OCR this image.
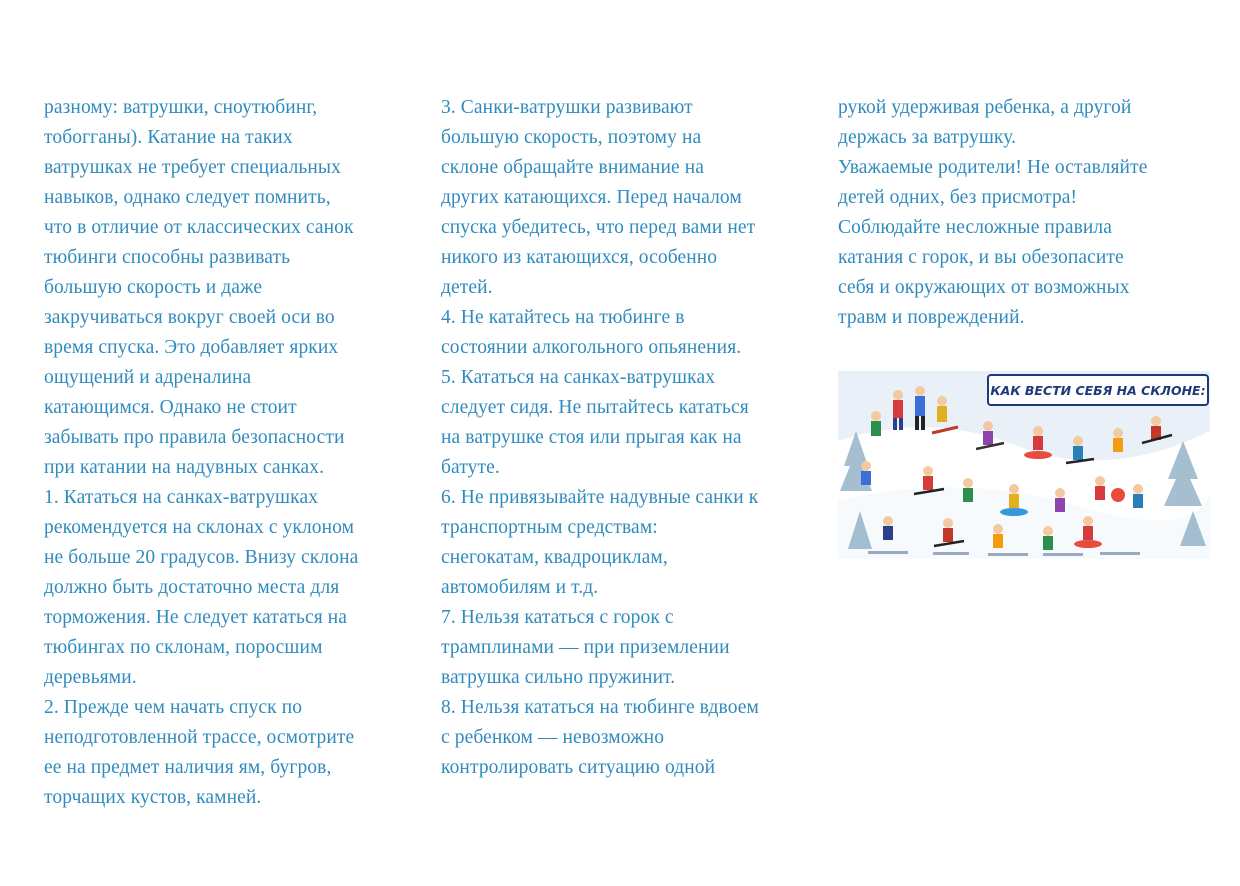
разному: ватрушки, сноутюбинг,
тобогганы). Катание на таких
ватрушках не требует специальных
навыков, однако следует помнить,
что в отличие от классических санок
тюбинги способны развивать
большую скорость и даже
закручиваться вокруг своей оси во
время спуска. Это добавляет ярких
ощущений и адреналина
катающимся. Однако не стоит
забывать про правила безопасности
при катании на надувных санках.
1. Кататься на санках-ватрушках
рекомендуется на склонах с уклоном
не больше 20 градусов. Внизу склона
должно быть достаточно места для
торможения. Не следует кататься на
тюбингах по склонам, поросшим
деревьями.
2. Прежде чем начать спуск по
неподготовленной трассе, осмотрите
ее на предмет наличия ям, бугров,
торчащих кустов, камней.
3. Санки-ватрушки развивают
большую скорость, поэтому на
склоне обращайте внимание на
других катающихся. Перед началом
спуска убедитесь, что перед вами нет
никого из катающихся, особенно
детей.
4. Не катайтесь на тюбинге в
состоянии алкогольного опьянения.
5. Кататься на санках-ватрушках
следует сидя. Не пытайтесь кататься
на ватрушке стоя или прыгая как на
батуте.
6. Не привязывайте надувные санки к
транспортным средствам:
снегокатам, квадроциклам,
автомобилям и т.д.
7. Нельзя кататься с горок с
трамплинами — при приземлении
ватрушка сильно пружинит.
8. Нельзя кататься на тюбинге вдвоем
с ребенком — невозможно
контролировать ситуацию одной
рукой удерживая ребенка, а другой
держась за ватрушку.
Уважаемые родители! Не оставляйте
детей одних, без присмотра!
Соблюдайте несложные правила
катания с горок, и вы обезопасите
себя и окружающих от возможных
травм и повреждений.
КАК ВЕСТИ СЕБЯ НА СКЛОНЕ:
